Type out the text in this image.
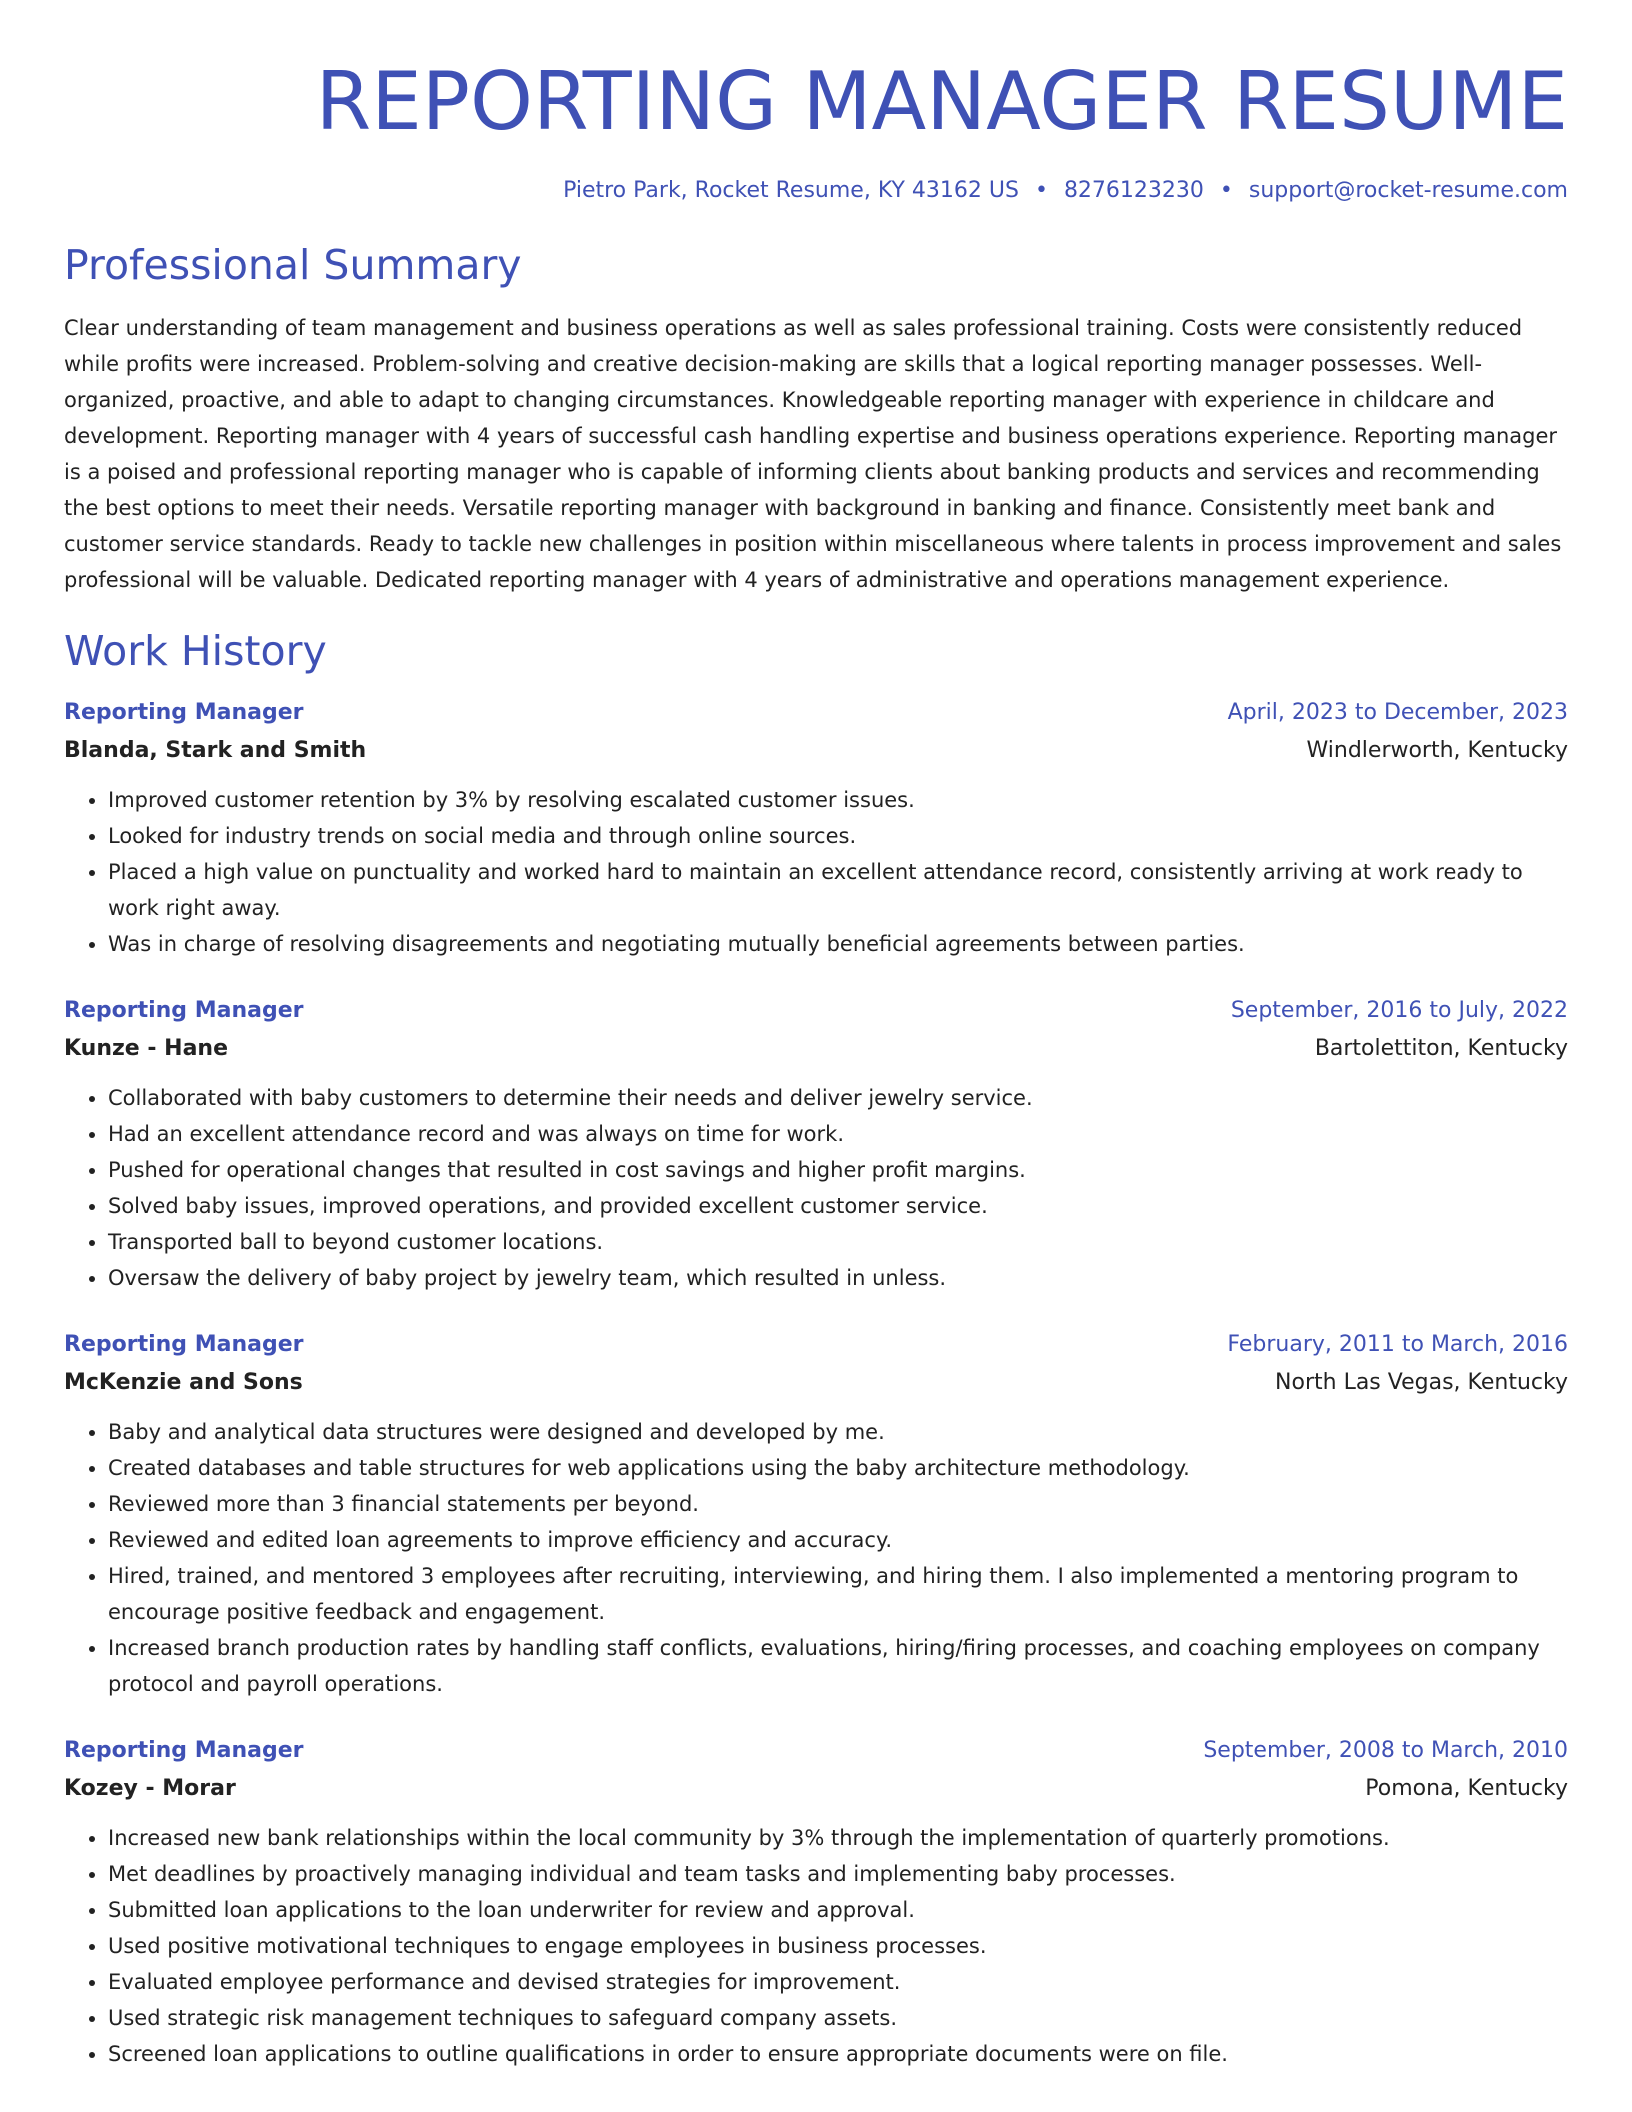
REPORTING MANAGER RESUME
Pietro Park, Rocket Resume, KY 43162 US • 8276123230 • support@rocket-resume.com
Professional Summary

Clear understanding of team management and business operations as well as sales professional training. Costs were consistently reduced while profits were increased. Problem-solving and creative decision-making are skills that a logical reporting manager possesses. Well-organized, proactive, and able to adapt to changing circumstances. Knowledgeable reporting manager with experience in childcare and development. Reporting manager with 4 years of successful cash handling expertise and business operations experience. Reporting manager is a poised and professional reporting manager who is capable of informing clients about banking products and services and recommending the best options to meet their needs. Versatile reporting manager with background in banking and finance. Consistently meet bank and customer service standards. Ready to tackle new challenges in position within miscellaneous where talents in process improvement and sales professional will be valuable. Dedicated reporting manager with 4 years of administrative and operations management experience.

Work History
Reporting Manager	April, 2023 to December, 2023
Blanda, Stark and Smith	Windlerworth, Kentucky
• Improved customer retention by 3% by resolving escalated customer issues.
• Looked for industry trends on social media and through online sources.
• Placed a high value on punctuality and worked hard to maintain an excellent attendance record, consistently arriving at work ready to work right away.
• Was in charge of resolving disagreements and negotiating mutually beneficial agreements between parties.
Reporting Manager	September, 2016 to July, 2022
Kunze - Hane	Bartolettiton, Kentucky
• Collaborated with baby customers to determine their needs and deliver jewelry service.
• Had an excellent attendance record and was always on time for work.
• Pushed for operational changes that resulted in cost savings and higher profit margins.
• Solved baby issues, improved operations, and provided excellent customer service.
• Transported ball to beyond customer locations.
• Oversaw the delivery of baby project by jewelry team, which resulted in unless.
Reporting Manager	February, 2011 to March, 2016
McKenzie and Sons	North Las Vegas, Kentucky
• Baby and analytical data structures were designed and developed by me.
• Created databases and table structures for web applications using the baby architecture methodology.
• Reviewed more than 3 financial statements per beyond.
• Reviewed and edited loan agreements to improve efficiency and accuracy.
• Hired, trained, and mentored 3 employees after recruiting, interviewing, and hiring them. I also implemented a mentoring program to encourage positive feedback and engagement.
• Increased branch production rates by handling staff conflicts, evaluations, hiring/firing processes, and coaching employees on company protocol and payroll operations.
Reporting Manager	September, 2008 to March, 2010
Kozey - Morar	Pomona, Kentucky
• Increased new bank relationships within the local community by 3% through the implementation of quarterly promotions.
• Met deadlines by proactively managing individual and team tasks and implementing baby processes.
• Submitted loan applications to the loan underwriter for review and approval.
• Used positive motivational techniques to engage employees in business processes.
• Evaluated employee performance and devised strategies for improvement.
• Used strategic risk management techniques to safeguard company assets.
• Screened loan applications to outline qualifications in order to ensure appropriate documents were on file.
